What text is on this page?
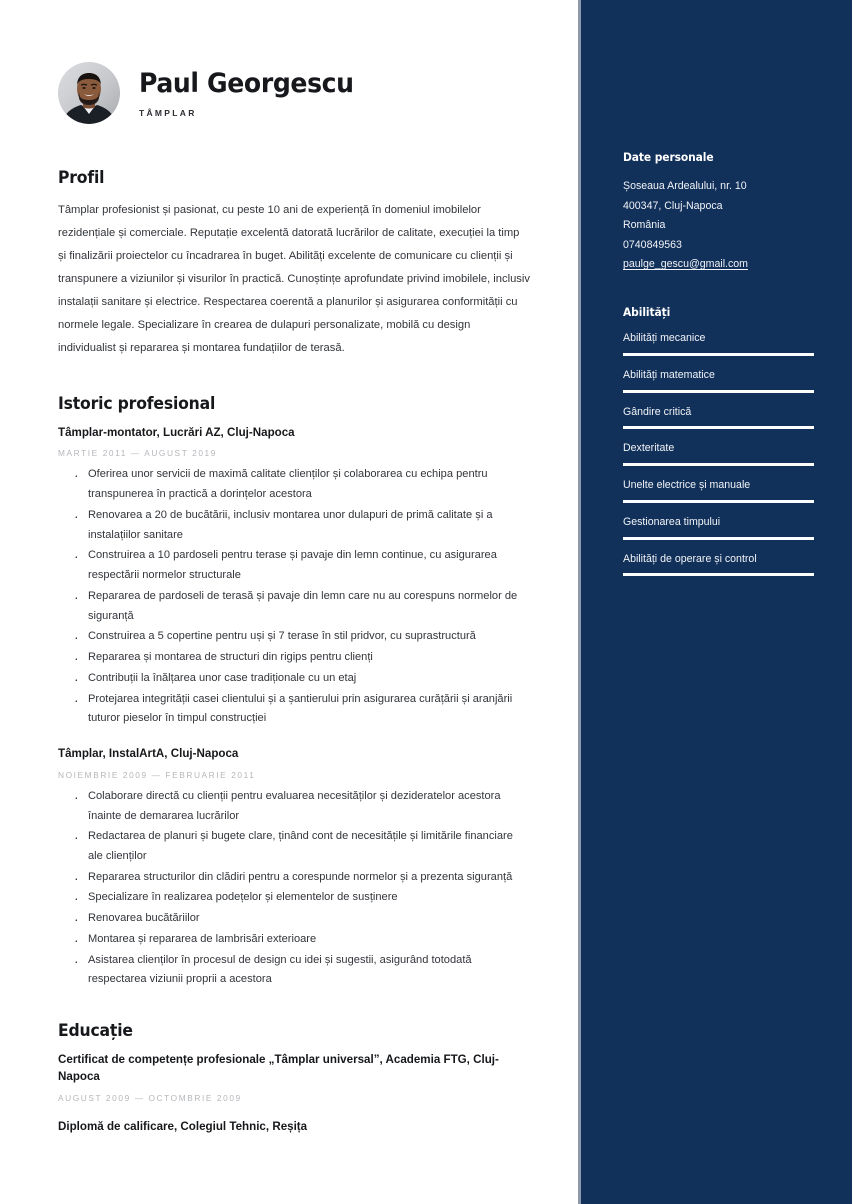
Paul Georgescu

TÂMPLAR

Profil

Tâmplar profesionist și pasionat, cu peste 10 ani de experiență în domeniul imobilelor rezidențiale și comerciale. Reputație excelentă datorată lucrărilor de calitate, execuției la timp și finalizării proiectelor cu încadrarea în buget. Abilități excelente de comunicare cu clienții și transpunere a viziunilor și visurilor în practică. Cunoștințe aprofundate privind imobilele, inclusiv instalații sanitare și electrice. Respectarea coerentă a planurilor și asigurarea conformității cu normele legale. Specializare în crearea de dulapuri personalizate, mobilă cu design individualist și repararea și montarea fundațiilor de terasă.

Istoric profesional

Tâmplar-montator, Lucrări AZ, Cluj-Napoca

MARTIE 2011 — AUGUST 2019

· Oferirea unor servicii de maximă calitate clienților și colaborarea cu echipa pentru transpunerea în practică a dorințelor acestora
· Renovarea a 20 de bucătării, inclusiv montarea unor dulapuri de primă calitate și a instalațiilor sanitare
· Construirea a 10 pardoseli pentru terase și pavaje din lemn continue, cu asigurarea respectării normelor structurale
· Repararea de pardoseli de terasă și pavaje din lemn care nu au corespuns normelor de siguranță
· Construirea a 5 copertine pentru uși și 7 terase în stil pridvor, cu suprastructură
· Repararea și montarea de structuri din rigips pentru clienți
· Contribuții la înălțarea unor case tradiționale cu un etaj
· Protejarea integrității casei clientului și a șantierului prin asigurarea curățării și aranjării tuturor pieselor în timpul construcției

Tâmplar, InstalArtA, Cluj-Napoca

NOIEMBRIE 2009 — FEBRUARIE 2011

· Colaborare directă cu clienții pentru evaluarea necesităților și dezideratelor acestora înainte de demararea lucrărilor
· Redactarea de planuri și bugete clare, ținând cont de necesitățile și limitările financiare ale clienților
· Repararea structurilor din clădiri pentru a corespunde normelor și a prezenta siguranță
· Specializare în realizarea podețelor și elementelor de susținere
· Renovarea bucătăriilor
· Montarea și repararea de lambrisări exterioare
· Asistarea clienților în procesul de design cu idei și sugestii, asigurând totodată respectarea viziunii proprii a acestora
Educație

Certificat de competențe profesionale „Tâmplar universal”, Academia FTG, Cluj-Napoca

AUGUST 2009 — OCTOMBRIE 2009

Diplomă de calificare, Colegiul Tehnic, Reșița

Date personale
Șoseaua Ardealului, nr. 10
400347, Cluj-Napoca
România
0740849563
paulge_gescu@gmail.com
Abilități
Abilități mecanice
Abilități matematice
Gândire critică
Dexteritate
Unelte electrice și manuale
Gestionarea timpului
Abilități de operare și control
